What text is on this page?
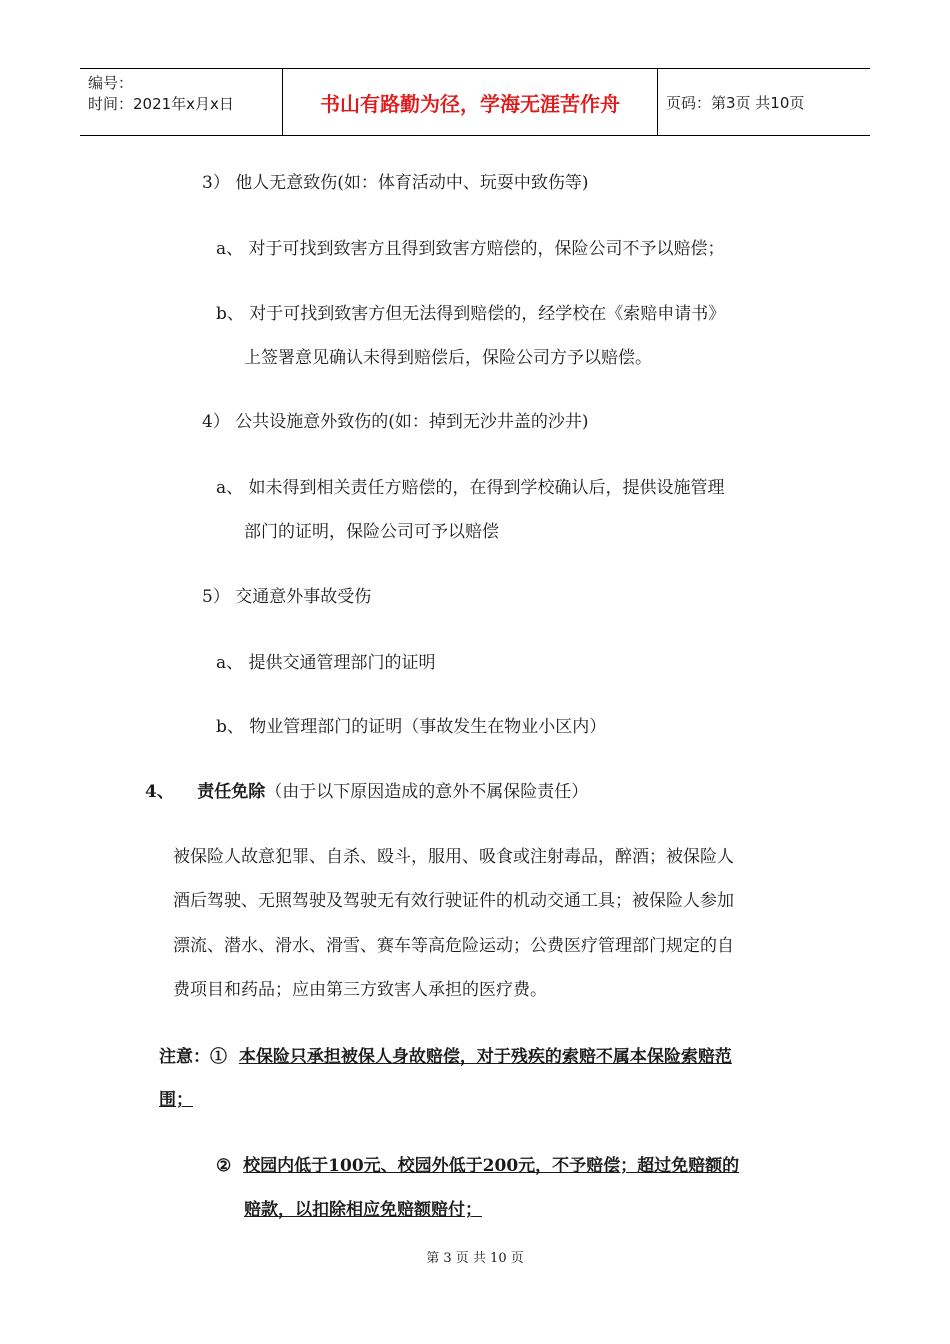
编号：
时间：2021年x月x日	书山有路勤为径，学海无涯苦作舟	页码：第3页 共10页
3） 他人无意致伤(如：体育活动中、玩耍中致伤等)
a、 对于可找到致害方且得到致害方赔偿的，保险公司不予以赔偿；
b、 对于可找到致害方但无法得到赔偿的，经学校在《索赔申请书》
上签署意见确认未得到赔偿后，保险公司方予以赔偿。
4） 公共设施意外致伤的(如：掉到无沙井盖的沙井)
a、 如未得到相关责任方赔偿的，在得到学校确认后，提供设施管理
部门的证明，保险公司可予以赔偿
5） 交通意外事故受伤
a、 提供交通管理部门的证明
b、 物业管理部门的证明（事故发生在物业小区内）
4、 责任免除（由于以下原因造成的意外不属保险责任）
被保险人故意犯罪、自杀、殴斗，服用、吸食或注射毒品，醉酒；被保险人
酒后驾驶、无照驾驶及驾驶无有效行驶证件的机动交通工具；被保险人参加
漂流、潜水、滑水、滑雪、赛车等高危险运动；公费医疗管理部门规定的自
费项目和药品；应由第三方致害人承担的医疗费。
注意：① 本保险只承担被保人身故赔偿，对于残疾的索赔不属本保险索赔范
围；
② 校园内低于100元、校园外低于200元，不予赔偿；超过免赔额的
赔款，以扣除相应免赔额赔付；
第 3 页 共 10 页
